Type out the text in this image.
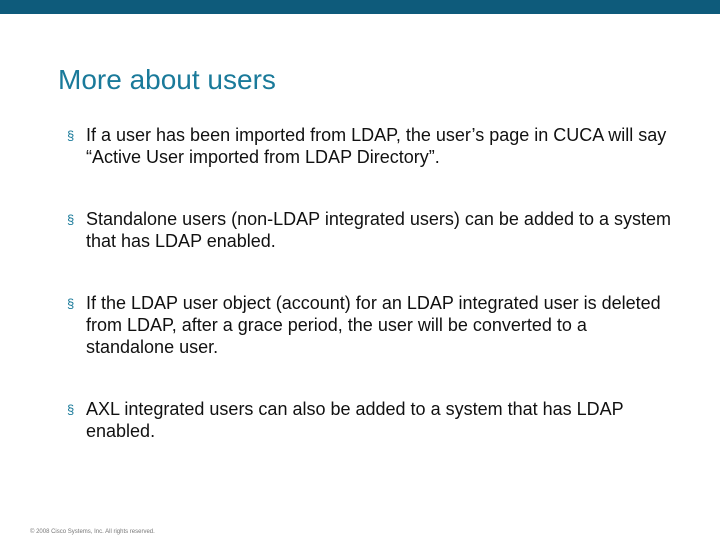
More about users
§ If a user has been imported from LDAP, the user’s page in CUCA will say “Active User imported from LDAP Directory”.
§ Standalone users (non-LDAP integrated users) can be added to a system that has LDAP enabled.
§ If the LDAP user object (account) for an LDAP integrated user is deleted from LDAP, after a grace period, the user will be converted to a standalone user.
§ AXL integrated users can also be added to a system that has LDAP enabled.
© 2008 Cisco Systems, Inc. All rights reserved.
